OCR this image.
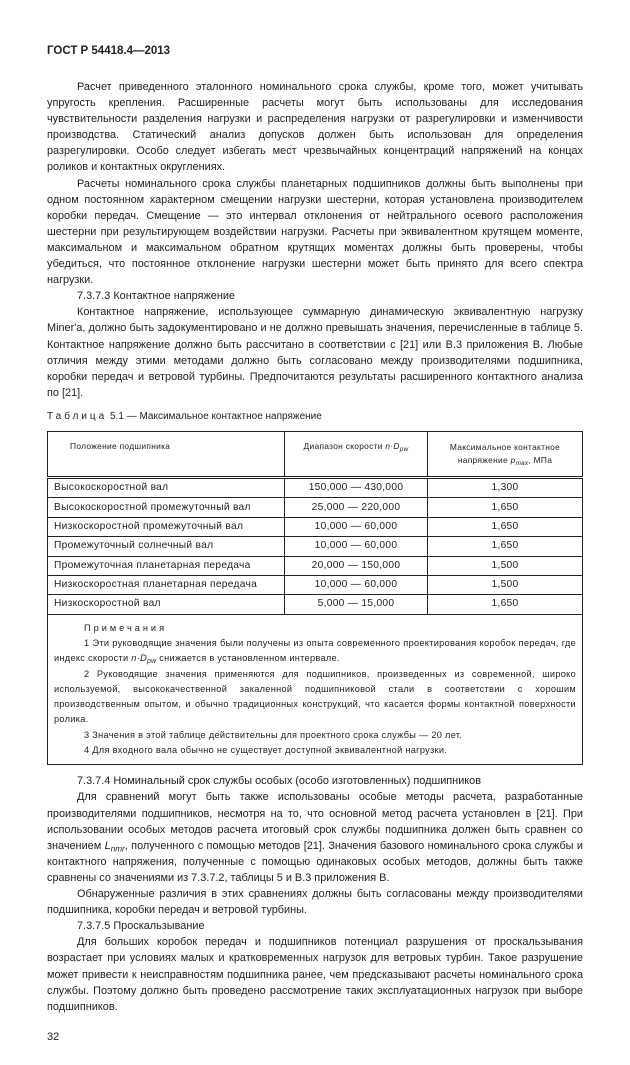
ГОСТ Р 54418.4—2013

Расчет приведенного эталонного номинального срока службы, кроме того, может учитывать упругость крепления. Расширенные расчеты могут быть использованы для исследования чувствительности разделения нагрузки и распределения нагрузки от разрегулировки и изменчивости производства. Статический анализ допусков должен быть использован для определения разрегулировки. Особо следует избегать мест чрезвычайных концентраций напряжений на концах роликов и контактных округлениях.

Расчеты номинального срока службы планетарных подшипников должны быть выполнены при одном постоянном характерном смещении нагрузки шестерни, которая установлена производителем коробки передач. Смещение — это интервал отклонения от нейтрального осевого расположения шестерни при результирующем воздействии нагрузки. Расчеты при эквивалентном крутящем моменте, максимальном и максимальном обратном крутящих моментах должны быть проверены, чтобы убедиться, что постоянное отклонение нагрузки шестерни может быть принято для всего спектра нагрузки.

7.3.7.3 Контактное напряжение

Контактное напряжение, использующее суммарную динамическую эквивалентную нагрузку Miner'a, должно быть задокументировано и не должно превышать значения, перечисленные в таблице 5. Контактное напряжение должно быть рассчитано в соответствии с [21] или B.3 приложения B. Любые отличия между этими методами должно быть согласовано между производителями подшипника, коробки передач и ветровой турбины. Предпочитаются результаты расширенного контактного анализа по [21].

Таблица 5.1 — Максимальное контактное напряжение
Положение подшипника	Диапазон скорости $n\cdot D_{pw}$	Максимальное контактное напряжение $p_{max}$, МПа
Высокоскоростной вал	150,000 — 430,000	1,300
Высокоскоростной промежуточный вал	25,000 — 220,000	1,650
Низкоскоростной промежуточный вал	10,000 — 60,000	1,650
Промежуточный солнечный вал	10,000 — 60,000	1,650
Промежуточная планетарная передача	20,000 — 150,000	1,500
Низкоскоростная планетарная передача	10,000 — 60,000	1,500
Низкоскоростной вал	5,000 — 15,000	1,650

Примечания

1 Эти руководящие значения были получены из опыта современного проектирования коробок передач, где индекс скорости $n\cdot D_{pw}$ снижается в установленном интервале.

2 Руководящие значения применяются для подшипников, произведенных из современной, широко используемой, высококачественной закаленной подшипниковой стали в соответствии с хорошим производственным опытом, и обычно традиционных конструкций, что касается формы контактной поверхности ролика.

3 Значения в этой таблице действительны для проектного срока службы — 20 лет.

4 Для входного вала обычно не существует доступной эквивалентной нагрузки.		

7.3.7.4 Номинальный срок службы особых (особо изготовленных) подшипников

Для сравнений могут быть также использованы особые методы расчета, разработанные производителями подшипников, несмотря на то, что основной метод расчета установлен в [21]. При использовании особых методов расчета итоговый срок службы подшипника должен быть сравнен со значением $L_{nmr}$, полученного с помощью методов [21]. Значения базового номинального срока службы и контактного напряжения, полученные с помощью одинаковых особых методов, должны быть также сравнены со значениями из 7.3.7.2, таблицы 5 и B.3 приложения B.

Обнаруженные различия в этих сравнениях должны быть согласованы между производителями подшипника, коробки передач и ветровой турбины.

7.3.7.5 Проскальзывание

Для больших коробок передач и подшипников потенциал разрушения от проскальзывания возрастает при условиях малых и кратковременных нагрузок для ветровых турбин. Такое разрушение может привести к неисправностям подшипника ранее, чем предсказывают расчеты номинального срока службы. Поэтому должно быть проведено рассмотрение таких эксплуатационных нагрузок при выборе подшипников.

32
